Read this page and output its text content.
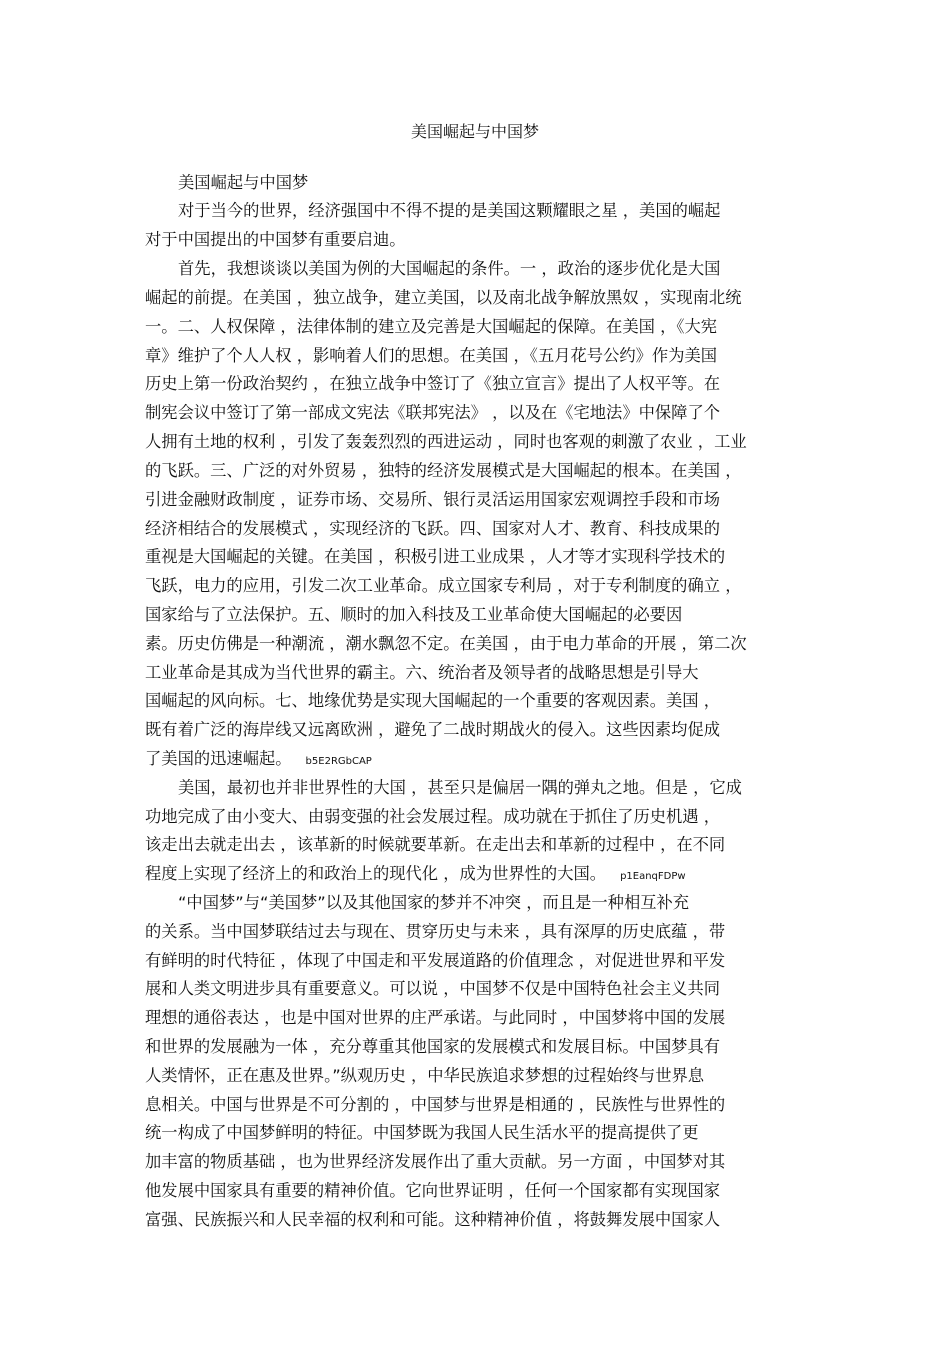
美国崛起与中国梦

美国崛起与中国梦

对于当今的世界，经济强国中不得不提的是美国这颗耀眼之星 ，美国的崛起

对于中国提出的中国梦有重要启迪。

首先，我想谈谈以美国为例的大国崛起的条件。一 ，政治的逐步优化是大国

崛起的前提。在美国 ，独立战争，建立美国，以及南北战争解放黑奴 ，实现南北统

一。二、人权保障 ，法律体制的建立及完善是大国崛起的保障。在美国 ，《大宪

章》维护了个人人权 ，影响着人们的思想。在美国 ，《五月花号公约》作为美国

历史上第一份政治契约 ，在独立战争中签订了《独立宣言》提出了人权平等。在

制宪会议中签订了第一部成文宪法《联邦宪法》 ，以及在《宅地法》中保障了个

人拥有土地的权利 ，引发了轰轰烈烈的西进运动 ，同时也客观的刺激了农业 ，工业

的飞跃。三、广泛的对外贸易 ，独特的经济发展模式是大国崛起的根本。在美国 ，

引进金融财政制度 ，证券市场、交易所、银行灵活运用国家宏观调控手段和市场

经济相结合的发展模式 ，实现经济的飞跃。四、国家对人才、教育、科技成果的

重视是大国崛起的关键。在美国 ，积极引进工业成果 ，人才等才实现科学技术的

飞跃，电力的应用，引发二次工业革命。成立国家专利局 ，对于专利制度的确立 ，

国家给与了立法保护。五、顺时的加入科技及工业革命使大国崛起的必要因

素。历史仿佛是一种潮流 ，潮水飘忽不定。在美国 ，由于电力革命的开展 ，第二次

工业革命是其成为当代世界的霸主。六、统治者及领导者的战略思想是引导大

国崛起的风向标。七、地缘优势是实现大国崛起的一个重要的客观因素。美国 ，

既有着广泛的海岸线又远离欧洲 ，避免了二战时期战火的侵入。这些因素均促成

了美国的迅速崛起。 b5E2RGbCAP

美国，最初也并非世界性的大国 ，甚至只是偏居一隅的弹丸之地。但是 ，它成

功地完成了由小变大、由弱变强的社会发展过程。成功就在于抓住了历史机遇 ，

该走出去就走出去 ，该革新的时候就要革新。在走出去和革新的过程中 ，在不同

程度上实现了经济上的和政治上的现代化 ，成为世界性的大国。 p1EanqFDPw

“中国梦”与“美国梦”以及其他国家的梦并不冲突 ，而且是一种相互补充

的关系。当中国梦联结过去与现在、贯穿历史与未来 ，具有深厚的历史底蕴 ，带

有鲜明的时代特征 ，体现了中国走和平发展道路的价值理念 ，对促进世界和平发

展和人类文明进步具有重要意义。可以说 ，中国梦不仅是中国特色社会主义共同

理想的通俗表达 ，也是中国对世界的庄严承诺。与此同时 ，中国梦将中国的发展

和世界的发展融为一体 ，充分尊重其他国家的发展模式和发展目标。中国梦具有

人类情怀，正在惠及世界。”纵观历史 ，中华民族追求梦想的过程始终与世界息

息相关。中国与世界是不可分割的 ，中国梦与世界是相通的 ，民族性与世界性的

统一构成了中国梦鲜明的特征。中国梦既为我国人民生活水平的提高提供了更

加丰富的物质基础 ，也为世界经济发展作出了重大贡献。另一方面 ，中国梦对其

他发展中国家具有重要的精神价值。它向世界证明 ，任何一个国家都有实现国家

富强、民族振兴和人民幸福的权利和可能。这种精神价值 ，将鼓舞发展中国家人
